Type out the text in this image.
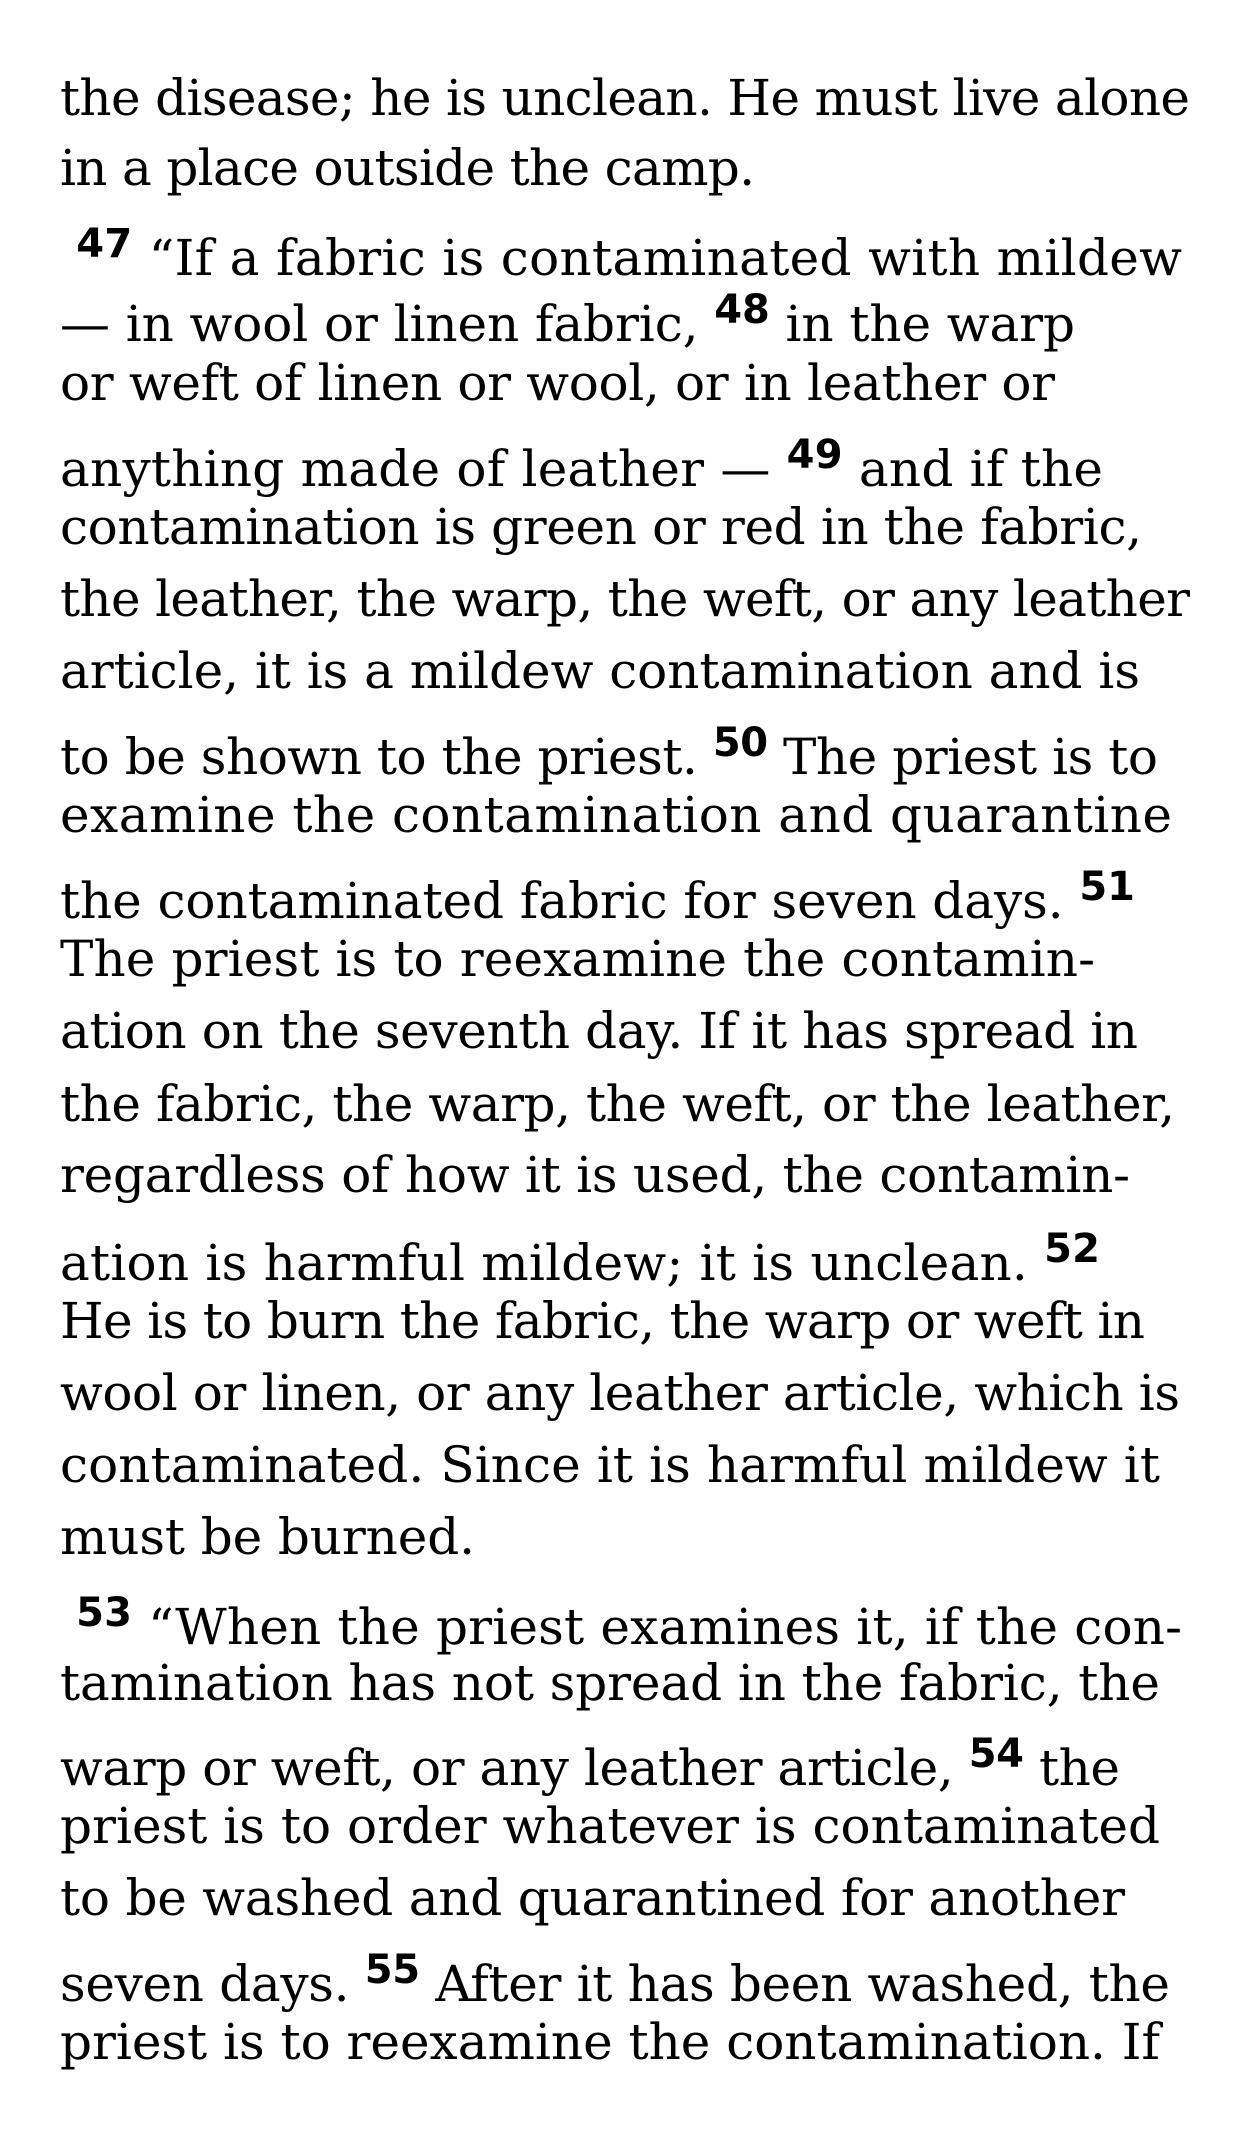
the disease; he is unclean. He must live alone
in a place outside the camp.
$^{47}$ “If a fabric is contaminated with mildew
— in wool or linen fabric, $^{48}$ in the warp
or weft of linen or wool, or in leather or
anything made of leather — $^{49}$ and if the
contamination is green or red in the fabric,
the leather, the warp, the weft, or any leather
article, it is a mildew contamination and is
to be shown to the priest. $^{50}$ The priest is to
examine the contamination and quarantine
the contaminated fabric for seven days. $^{51}$
The priest is to reexamine the contamin-
ation on the seventh day. If it has spread in
the fabric, the warp, the weft, or the leather,
regardless of how it is used, the contamin-
ation is harmful mildew; it is unclean. $^{52}$
He is to burn the fabric, the warp or weft in
wool or linen, or any leather article, which is
contaminated. Since it is harmful mildew it
must be burned.
$^{53}$ “When the priest examines it, if the con-
tamination has not spread in the fabric, the
warp or weft, or any leather article, $^{54}$ the
priest is to order whatever is contaminated
to be washed and quarantined for another
seven days. $^{55}$ After it has been washed, the
priest is to reexamine the contamination. If
